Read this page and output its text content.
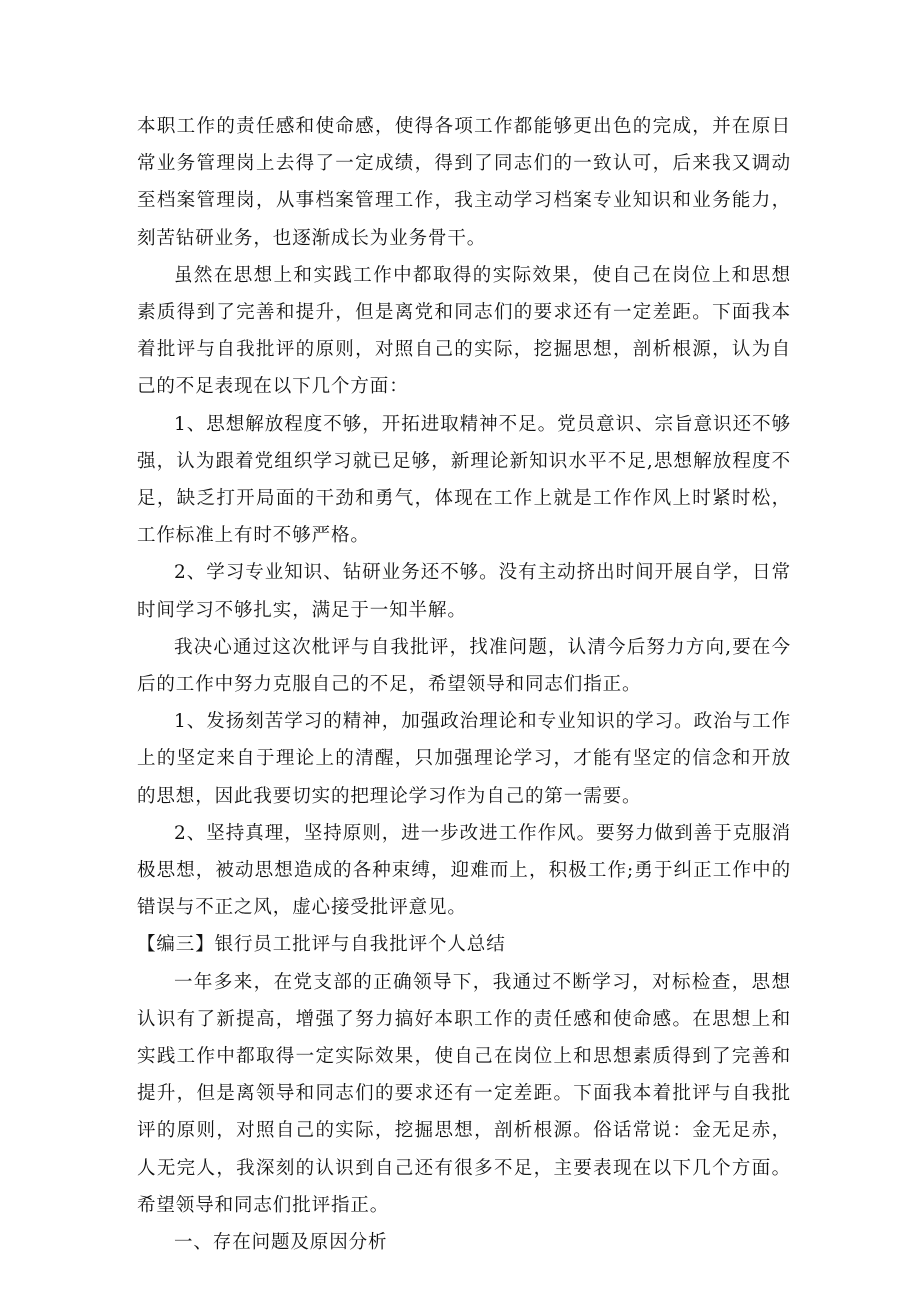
本职工作的责任感和使命感，使得各项工作都能够更出色的完成，并在原日常业务管理岗上去得了一定成绩，得到了同志们的一致认可，后来我又调动至档案管理岗，从事档案管理工作，我主动学习档案专业知识和业务能力，刻苦钻研业务，也逐渐成长为业务骨干。

虽然在思想上和实践工作中都取得的实际效果，使自己在岗位上和思想素质得到了完善和提升，但是离党和同志们的要求还有一定差距。下面我本着批评与自我批评的原则，对照自己的实际，挖掘思想，剖析根源，认为自己的不足表现在以下几个方面：

1、思想解放程度不够，开拓进取精神不足。党员意识、宗旨意识还不够强，认为跟着党组织学习就已足够，新理论新知识水平不足,思想解放程度不足，缺乏打开局面的干劲和勇气，体现在工作上就是工作作风上时紧时松，工作标准上有时不够严格。

2、学习专业知识、钻研业务还不够。没有主动挤出时间开展自学，日常时间学习不够扎实，满足于一知半解。

我决心通过这次枇评与自我批评，找准问题，认清今后努力方向,要在今后的工作中努力克服自己的不足，希望领导和同志们指正。

1、发扬刻苦学习的精神，加强政治理论和专业知识的学习。政治与工作上的坚定来自于理论上的清醒，只加强理论学习，才能有坚定的信念和开放的思想，因此我要切实的把理论学习作为自己的第一需要。

2、坚持真理，坚持原则，进一步改进工作作风。要努力做到善于克服消极思想，被动思想造成的各种束缚，迎难而上，积极工作;勇于纠正工作中的错误与不正之风，虚心接受批评意见。

【编三】银行员工批评与自我批评个人总结

一年多来，在党支部的正确领导下，我通过不断学习，对标检查，思想认识有了新提高，增强了努力搞好本职工作的责任感和使命感。在思想上和实践工作中都取得一定实际效果，使自己在岗位上和思想素质得到了完善和提升，但是离领导和同志们的要求还有一定差距。下面我本着批评与自我批评的原则，对照自己的实际，挖掘思想，剖析根源。俗话常说：金无足赤，人无完人，我深刻的认识到自己还有很多不足，主要表现在以下几个方面。希望领导和同志们批评指正。

一、存在问题及原因分析
